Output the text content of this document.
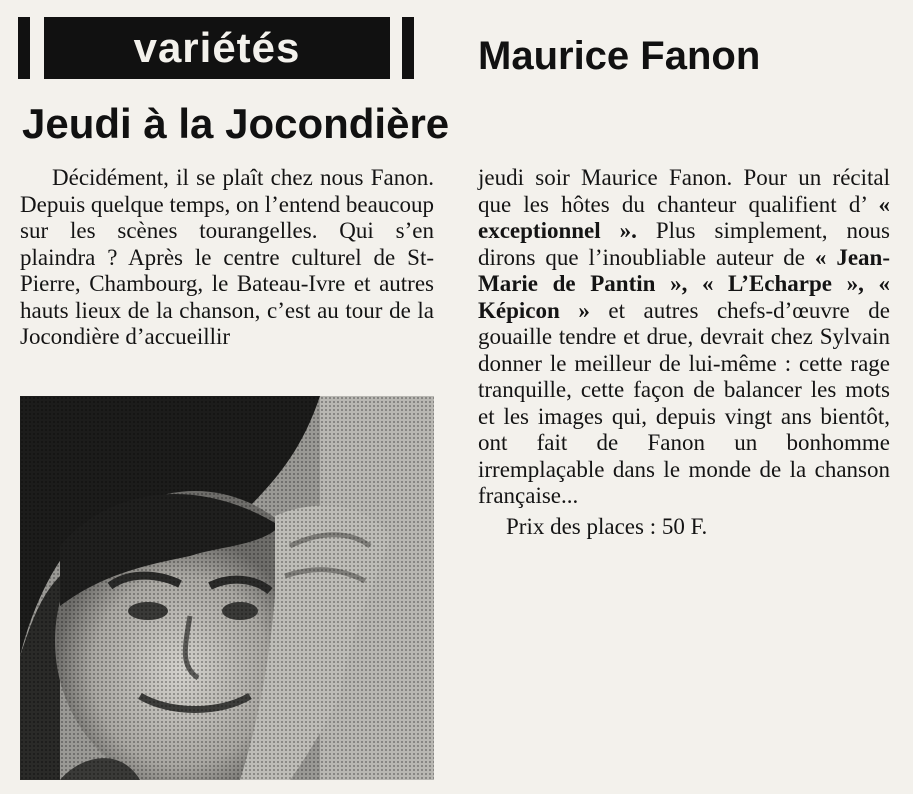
variétés	Maurice Fanon
Jeudi à la Jocondière

Décidément, il se plaît chez nous Fanon. Depuis quelque temps, on l’entend beaucoup sur les scènes tourangelles. Qui s’en plaindra ? Après le centre culturel de St-Pierre, Chambourg, le Bateau-Ivre et autres hauts lieux de la chanson, c’est au tour de la Jocondière d’accueillir

jeudi soir Maurice Fanon. Pour un récital que les hôtes du chanteur qualifient d’ « exceptionnel ». Plus simplement, nous dirons que l’inoubliable auteur de « Jean-Marie de Pantin », « L’Echarpe », « Képicon » et autres chefs-d’œuvre de gouaille tendre et drue, devrait chez Sylvain donner le meilleur de lui-même : cette rage tranquille, cette façon de balancer les mots et les images qui, depuis vingt ans bientôt, ont fait de Fanon un bonhomme irremplaçable dans le monde de la chanson française...

Prix des places : 50 F.
